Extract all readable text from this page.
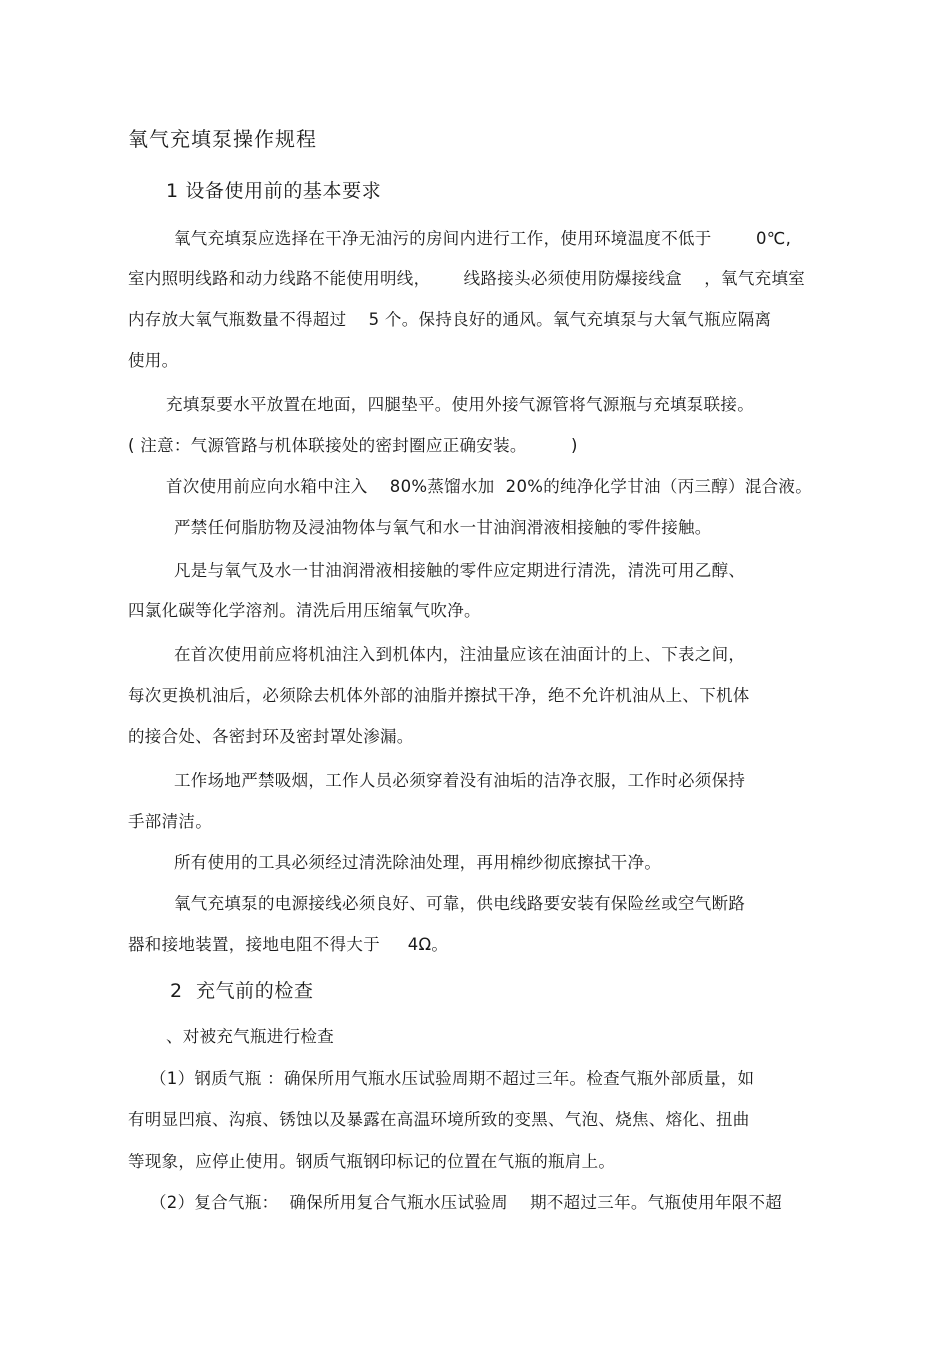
氧气充填泵操作规程
1 设备使用前的基本要求
氧气充填泵应选择在干净无油污的房间内进行工作，使用环境温度不低于        0℃,
室内照明线路和动力线路不能使用明线，      线路接头必须使用防爆接线盒    ，氧气充填室
内存放大氧气瓶数量不得超过    5 个。保持良好的通风。氧气充填泵与大氧气瓶应隔离
使用。
充填泵要水平放置在地面，四腿垫平。使用外接气源管将气源瓶与充填泵联接。
( 注意：气源管路与机体联接处的密封圈应正确安装。        )
首次使用前应向水箱中注入    80%蒸馏水加  20%的纯净化学甘油（丙三醇）混合液。
严禁任何脂肪物及浸油物体与氧气和水一甘油润滑液相接触的零件接触。
凡是与氧气及水一甘油润滑液相接触的零件应定期进行清洗，清洗可用乙醇、
四氯化碳等化学溶剂。清洗后用压缩氧气吹净。
在首次使用前应将机油注入到机体内，注油量应该在油面计的上、下表之间，
每次更换机油后，必须除去机体外部的油脂并擦拭干净，绝不允许机油从上、下机体
的接合处、各密封环及密封罩处渗漏。
工作场地严禁吸烟，工作人员必须穿着没有油垢的洁净衣服，工作时必须保持
手部清洁。
所有使用的工具必须经过清洗除油处理，再用棉纱彻底擦拭干净。
氧气充填泵的电源接线必须良好、可靠，供电线路要安装有保险丝或空气断路
器和接地装置，接地电阻不得大于     4Ω。
2  充气前的检查
、对被充气瓶进行检查
（1）钢质气瓶 ：确保所用气瓶水压试验周期不超过三年。检查气瓶外部质量，如
有明显凹痕、沟痕、锈蚀以及暴露在高温环境所致的变黑、气泡、烧焦、熔化、扭曲
等现象，应停止使用。钢质气瓶钢印标记的位置在气瓶的瓶肩上。
（2）复合气瓶：  确保所用复合气瓶水压试验周    期不超过三年。气瓶使用年限不超
